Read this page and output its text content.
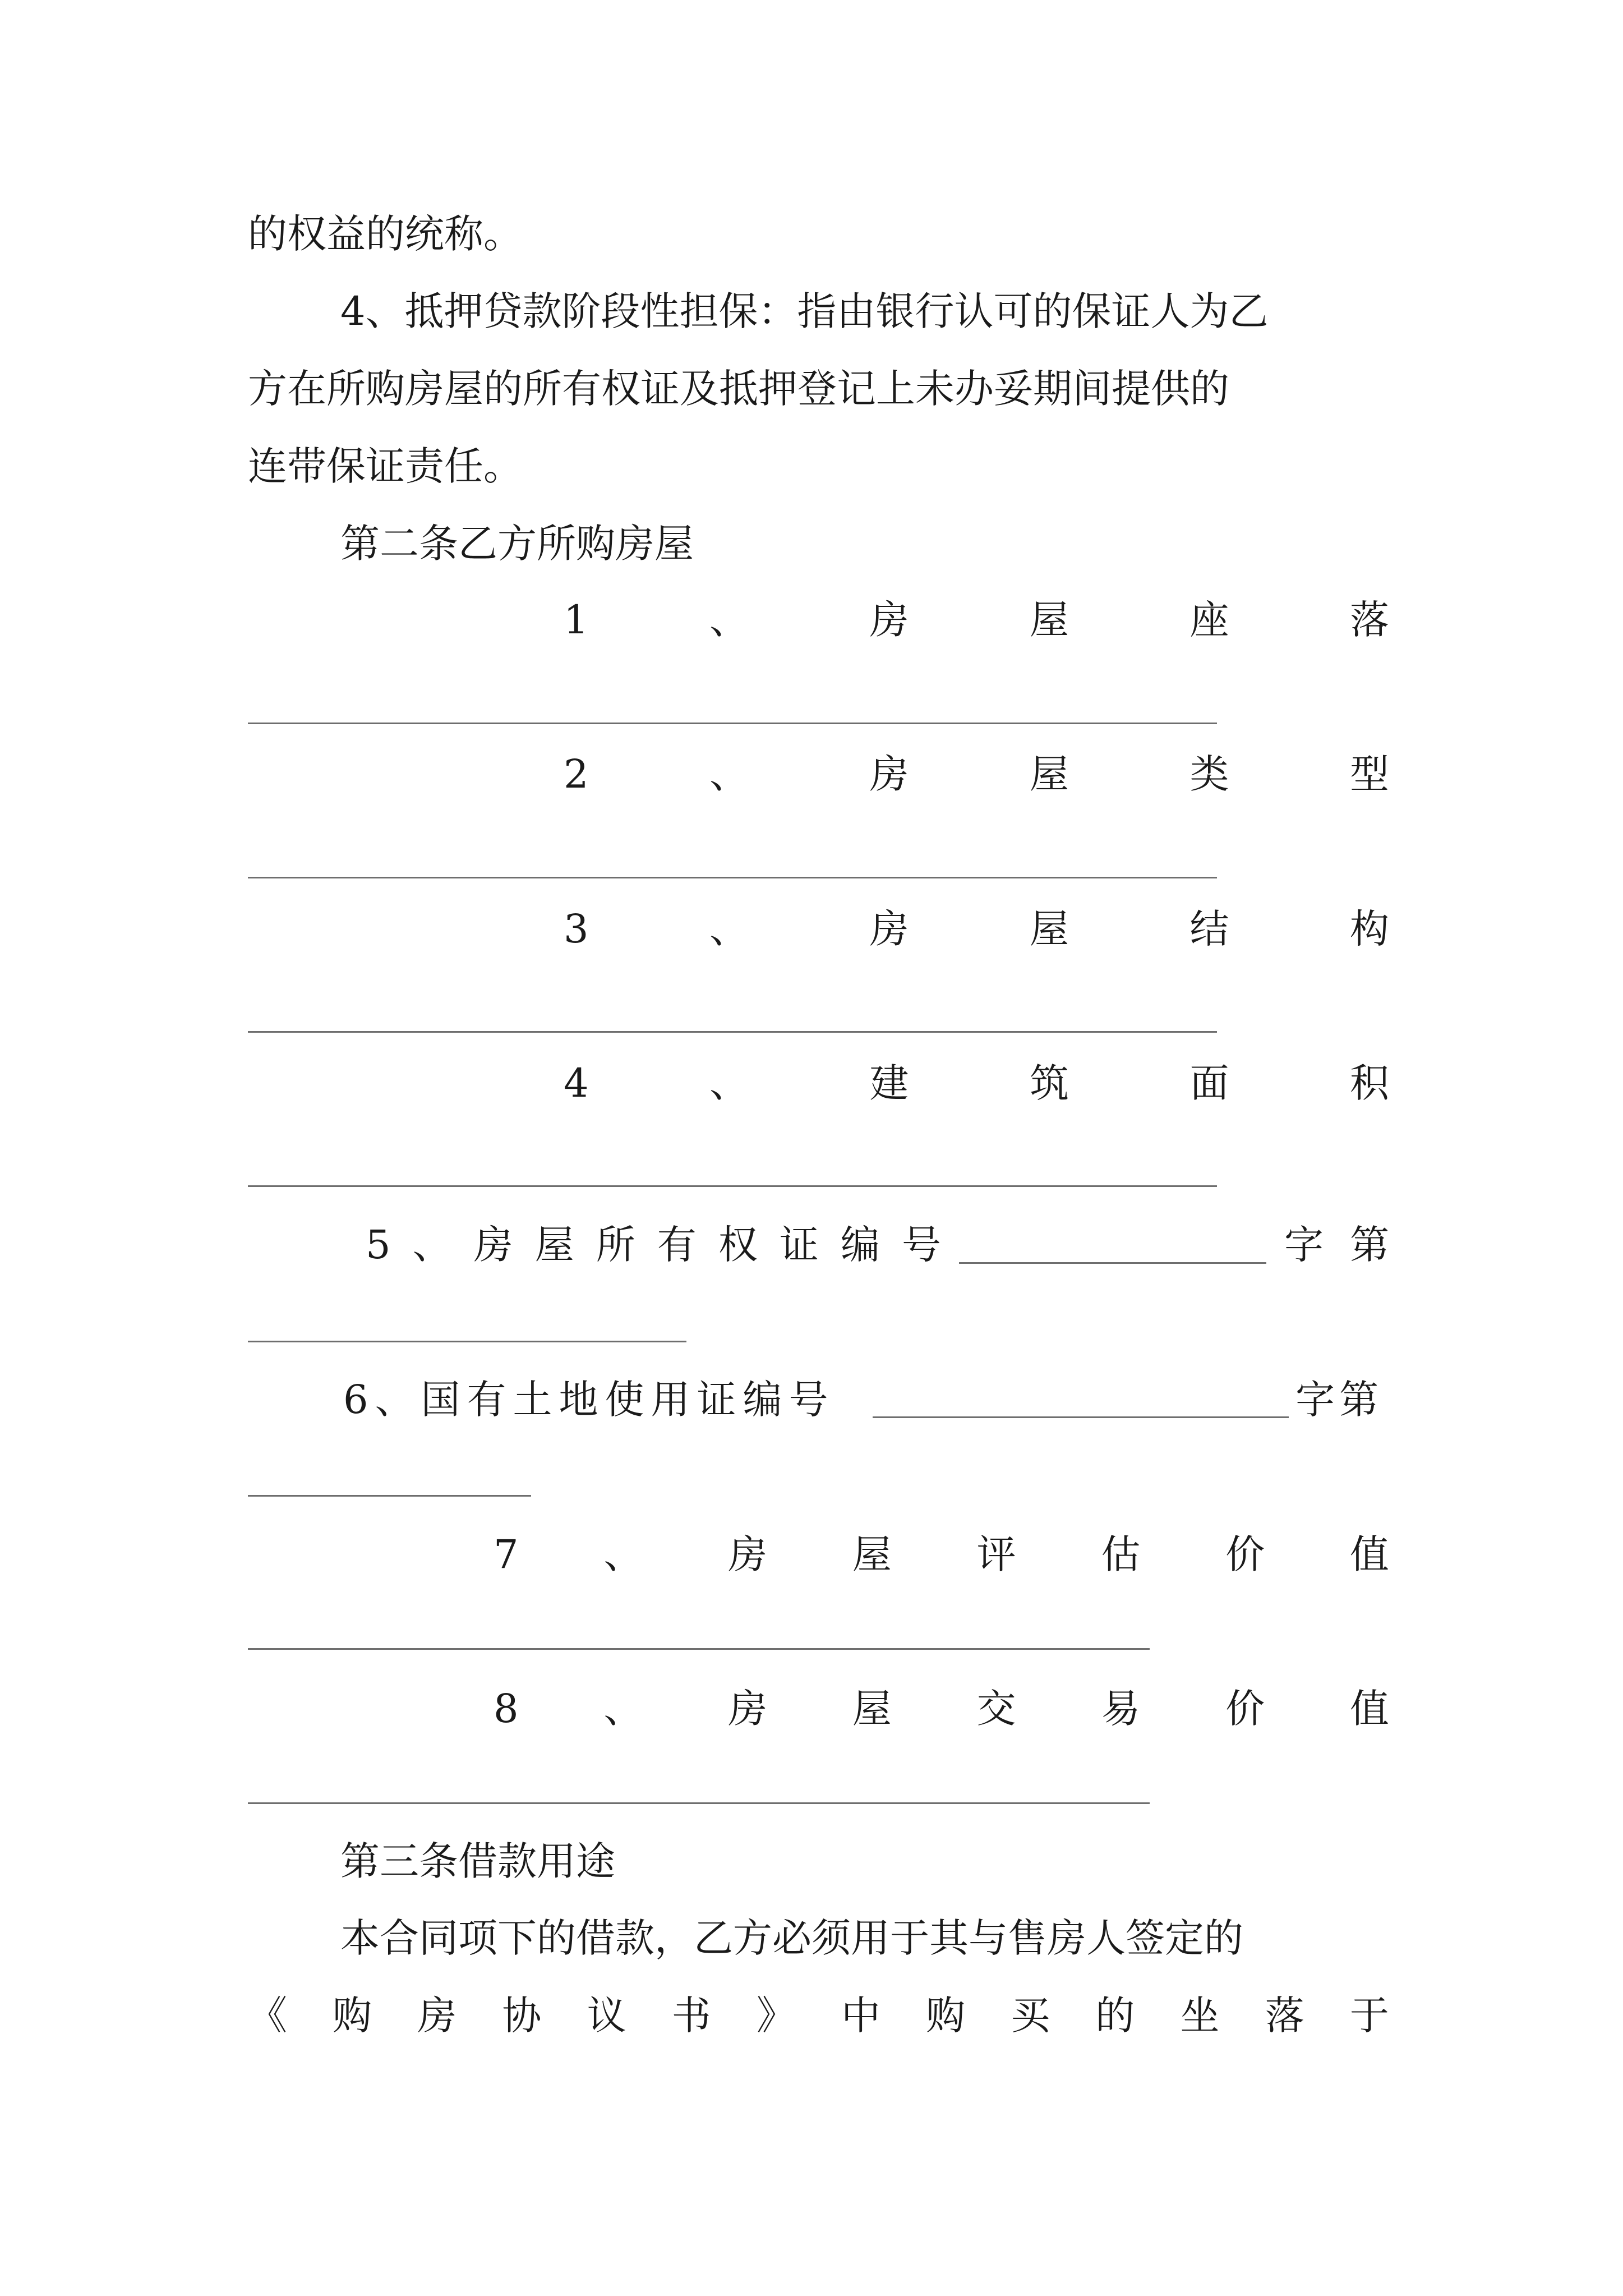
的权益的统称。
4、抵押贷款阶段性担保：指由银行认可的保证人为乙
方在所购房屋的所有权证及抵押登记上未办妥期间提供的
连带保证责任。
第二条乙方所购房屋
1	、	房	屋	座	落
2	、	房	屋	类	型
3	、	房	屋	结	构
4	、	建	筑	面	积
5 、 房 屋 所 有 权 证 编 号	字 第
6、国有土地使用证编号	字第
7 、 房 屋 评 估 价 值
8 、 房 屋 交 易 价 值
第三条借款用途
本合同项下的借款，乙方必须用于其与售房人签定的
《 购 房 协 议 书 》 中 购 买 的 坐 落 于
